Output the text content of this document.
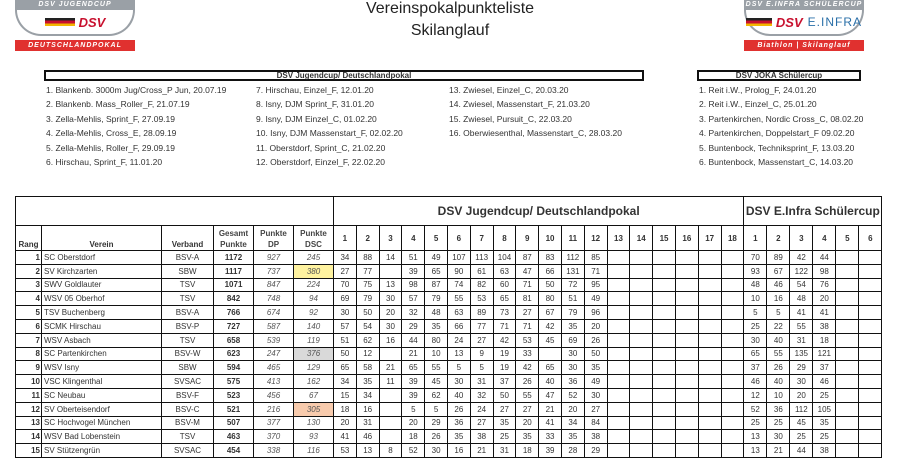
DSV JUGENDCUP
DSV
DEUTSCHLANDPOKAL
DSV E.INFRA SCHÜLERCUP
DSV E.INFRA
Biathlon | Skilanglauf
Vereinspokalpunkteliste
Skilanglauf
DSV Jugendcup/ Deutschlandpokal	DSV JOKA Schülercup
1. Blankenb. 3000m Jug/Cross_P Jun, 20.07.19
2. Blankenb. Mass_Roller_F, 21.07.19
3. Zella-Mehlis, Sprint_F, 27.09.19
4. Zella-Mehlis, Cross_E, 28.09.19
5. Zella-Mehlis, Roller_F, 29.09.19
6. Hirschau, Sprint_F, 11.01.20
7. Hirschau, Einzel_F, 12.01.20
8. Isny, DJM Sprint_F, 31.01.20
9. Isny, DJM Einzel_C, 01.02.20
10. Isny, DJM Massenstart_F, 02.02.20
11. Oberstdorf, Sprint_C, 21.02.20
12. Oberstdorf, Einzel_F, 22.02.20
13. Zwiesel, Einzel_C, 20.03.20
14. Zwiesel, Massenstart_F, 21.03.20
15. Zwiesel, Pursuit_C, 22.03.20
16. Oberwiesenthal, Massenstart_C, 28.03.20
1. Reit i.W., Prolog_F, 24.01.20
2. Reit i.W., Einzel_C, 25.01.20
3. Partenkirchen, Nordic Cross_C, 08.02.20
4. Partenkirchen, Doppelstart_F 09.02.20
5. Buntenbock, Techniksprint_F, 13.03.20
6. Buntenbock, Massenstart_C, 14.03.20
						DSV Jugendcup/ Deutschlandpokal																		DSV E.Infra Schülercup					
Rang	Verein	Verband	Gesamt Punkte	Punkte DP	Punkte DSC	1	2	3	4	5	6	7	8	9	10	11	12	13	14	15	16	17	18	1	2	3	4	5	6
1	SC Oberstdorf	BSV-A	1172	927	245	34	88	14	51	49	107	113	104	87	83	112	85							70	89	42	44		
2	SV Kirchzarten	SBW	1117	737	380	27	77		39	65	90	61	63	47	66	131	71							93	67	122	98		
3	SWV Goldlauter	TSV	1071	847	224	70	75	13	98	87	74	82	60	71	50	72	95							48	46	54	76		
4	WSV 05 Oberhof	TSV	842	748	94	69	79	30	57	79	55	53	65	81	80	51	49							10	16	48	20		
5	TSV Buchenberg	BSV-A	766	674	92	30	50	20	32	48	63	89	73	27	67	79	96							5	5	41	41		
6	SCMK Hirschau	BSV-P	727	587	140	57	54	30	29	35	66	77	71	71	42	35	20							25	22	55	38		
7	WSV Asbach	TSV	658	539	119	51	62	16	44	80	24	27	42	53	45	69	26							30	40	31	18		
8	SC Partenkirchen	BSV-W	623	247	376	50	12		21	10	13	9	19	33		30	50							65	55	135	121		
9	WSV Isny	SBW	594	465	129	65	58	21	65	55	5	5	19	42	65	30	35							37	26	29	37		
10	VSC Klingenthal	SVSAC	575	413	162	34	35	11	39	45	30	31	37	26	40	36	49							46	40	30	46		
11	SC Neubau	BSV-F	523	456	67	15	34		39	62	40	32	50	55	47	52	30							12	10	20	25		
12	SV Oberteisendorf	BSV-C	521	216	305	18	16		5	5	26	24	27	27	21	20	27							52	36	112	105		
13	SC Hochvogel München	BSV-M	507	377	130	20	31		20	29	36	27	35	20	41	34	84							25	25	45	35		
14	WSV Bad Lobenstein	TSV	463	370	93	41	46		18	26	35	38	25	35	33	35	38							13	30	25	25		
15	SV Stützengrün	SVSAC	454	338	116	53	13	8	52	30	16	21	31	18	39	28	29							13	21	44	38		
